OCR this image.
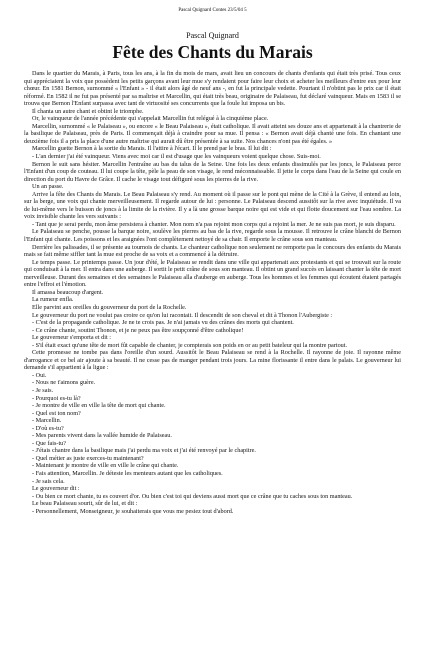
Pascal Quignard Contes 23/5/04 5
Pascal Quignard
Fête des Chants du Marais

Dans le quartier du Marais, à Paris, tous les ans, à la fin du mois de mars, avait lieu un concours de chants d'enfants qui était très prisé. Tous ceux qui appréciaient la voix que possèdent les petits garçons avant leur mue s'y rendaient pour faire leur choix et acheter les meilleurs d'entre eux pour leur chœur. En 1581 Bernon, surnommé « l'Enfant » - il était alors âgé de neuf ans -, en fut la principale vedette. Pourtant il n'obtint pas le prix car il était réformé. En 1582 il ne fut pas présenté par sa maîtrise et Marcellin, qui était très beau, originaire de Palaiseau, fut déclaré vainqueur. Mais en 1583 il se trouva que Bernon l'Enfant surpassa avec tant de virtuosité ses concurrents que la foule lui imposa un bis.

Il chanta un autre chant et obtint le triomphe.

Or, le vainqueur de l'année précédente qui s'appelait Marcellin fut relégué à la cinquième place.

Marcellin, surnommé « le Palaiseau », ou encore « le Beau Palaiseau », était catholique. Il avait atteint ses douze ans et appartenait à la chantrerie de la basilique de Palaiseau, près de Paris. Il commençait déjà à craindre pour sa mue. Il pensa : « Bernon avait déjà chanté une fois. En chantant une deuxième fois il a pris la place d'une autre maîtrise qui aurait dû être présentée à sa suite. Nos chances n'ont pas été égales. »

Marcellin guette Bernon à la sortie du Marais. Il l'attire à l'écart. Il le prend par le bras. Il lui dit :

- L'an dernier j'ai été vainqueur. Viens avec moi car il est d'usage que les vainqueurs voient quelque chose. Suis-moi.

Bernon le suit sans hésiter. Marcellin l'entraîne au bas du talus de la Seine. Une fois les deux enfants dissimulés par les joncs, le Palaiseau perce l'Enfant d'un coup de couteau. Il lui coupe la tête, pèle la peau de son visage, le rend méconnaissable. Il jette le corps dans l'eau de la Seine qui coule en direction du port du Havre de Grâce. Il cache le visage tout défiguré sous les pierres de la rive.

Un an passe.

Arrive la fête des Chants du Marais. Le Beau Palaiseau s'y rend. Au moment où il passe sur le pont qui mène de la Cité à la Grève, il entend au loin, sur la berge, une voix qui chante merveilleusement. Il regarde autour de lui : personne. Le Palaiseau descend aussitôt sur la rive avec inquiétude. Il va de lui-même vers le buisson de joncs à la limite de la rivière. Il y a là une grosse barque noire qui est vide et qui flotte doucement sur l'eau sombre. La voix invisible chante les vers suivants :

- Tant que je serai perdu, mon âme persistera à chanter. Mon nom n'a pas rejoint mon corps qui a rejoint la mer. Je ne suis pas mort, je suis disparu.

Le Palaiseau se penche, pousse la barque noire, soulève les pierres au bas de la rive, regarde sous la mousse. Il retrouve le crâne blanchi de Bernon l'Enfant qui chante. Les poissons et les araignées l'ont complètement nettoyé de sa chair. Il emporte le crâne sous son manteau.

Derrière les palissades, il se présente au tournois de chants. Le chanteur catholique non seulement ne remporte pas le concours des enfants du Marais mais se fait même siffler tant la mue est proche de sa voix et a commencé à la détruire.

Le temps passe. Le printemps passe. Un jour d'été, le Palaiseau se rendit dans une ville qui appartenait aux protestants et qui se trouvait sur la route qui conduisait à la mer. Il entra dans une auberge. Il sortit le petit crâne de sous son manteau. Il obtint un grand succès en laissant chanter la tête de mort merveilleuse. Durant des semaines et des semaines le Palaiseau alla d'auberge en auberge. Tous les hommes et les femmes qui écoutent étaient partagés entre l'effroi et l'émotion.

Il amassa beaucoup d'argent.

La rumeur enfla.

Elle parvint aux oreilles du gouverneur du port de la Rochelle.

Le gouverneur du port ne voulut pas croire ce qu'on lui racontait. Il descendit de son cheval et dit à Thonon l'Aubergiste :

- C'est de la propagande catholique. Je ne te crois pas. Je n'ai jamais vu des crânes des morts qui chantent.

- Ce crâne chante, soutint Thonon, et je ne peux pas être soupçonné d'être catholique!

Le gouverneur s'emporta et dit :

- S'il était exact qu'une tête de mort fût capable de chanter, je compterais son poids en or au petit bateleur qui la montre partout.

Cette promesse ne tombe pas dans l'oreille d'un sourd. Aussitôt le Beau Palaiseau se rend à la Rochelle. Il rayonne de joie. Il rayonne même d'arrogance et ce bel air ajoute à sa beauté. Il ne cesse pas de manger pendant trois jours. La mine florissante il entre dans le palais. Le gouverneur lui demande s'il appartient à la ligue :

- Oui.

- Nous ne t'aimons guère.

- Je sais.

- Pourquoi es-tu là?

- Je montre de ville en ville la tête de mort qui chante.

- Quel est ton nom?

- Marcellin.

- D'où es-tu?

- Mes parents vivent dans la vallée humide de Palaiseau.

- Que fais-tu?

- J'étais chantre dans la basilique mais j'ai perdu ma voix et j'ai été renvoyé par le chapitre.

- Quel métier as juste exerces-tu maintenant?

- Maintenant je montre de ville en ville le crâne qui chante.

- Fais attention, Marcellin. Je déteste les menteurs autant que les catholiques.

- Je sais cela.

Le gouverneur dit :

- Ou bien ce mort chante, tu es couvert d'or. Ou bien c'est toi qui deviens aussi mort que ce crâne que tu caches sous ton manteau.

Le beau Palaiseau sourit, sûr de lui, et dit :

- Personnellement, Monseigneur, je souhaiterais que vous me pesiez tout d'abord.
